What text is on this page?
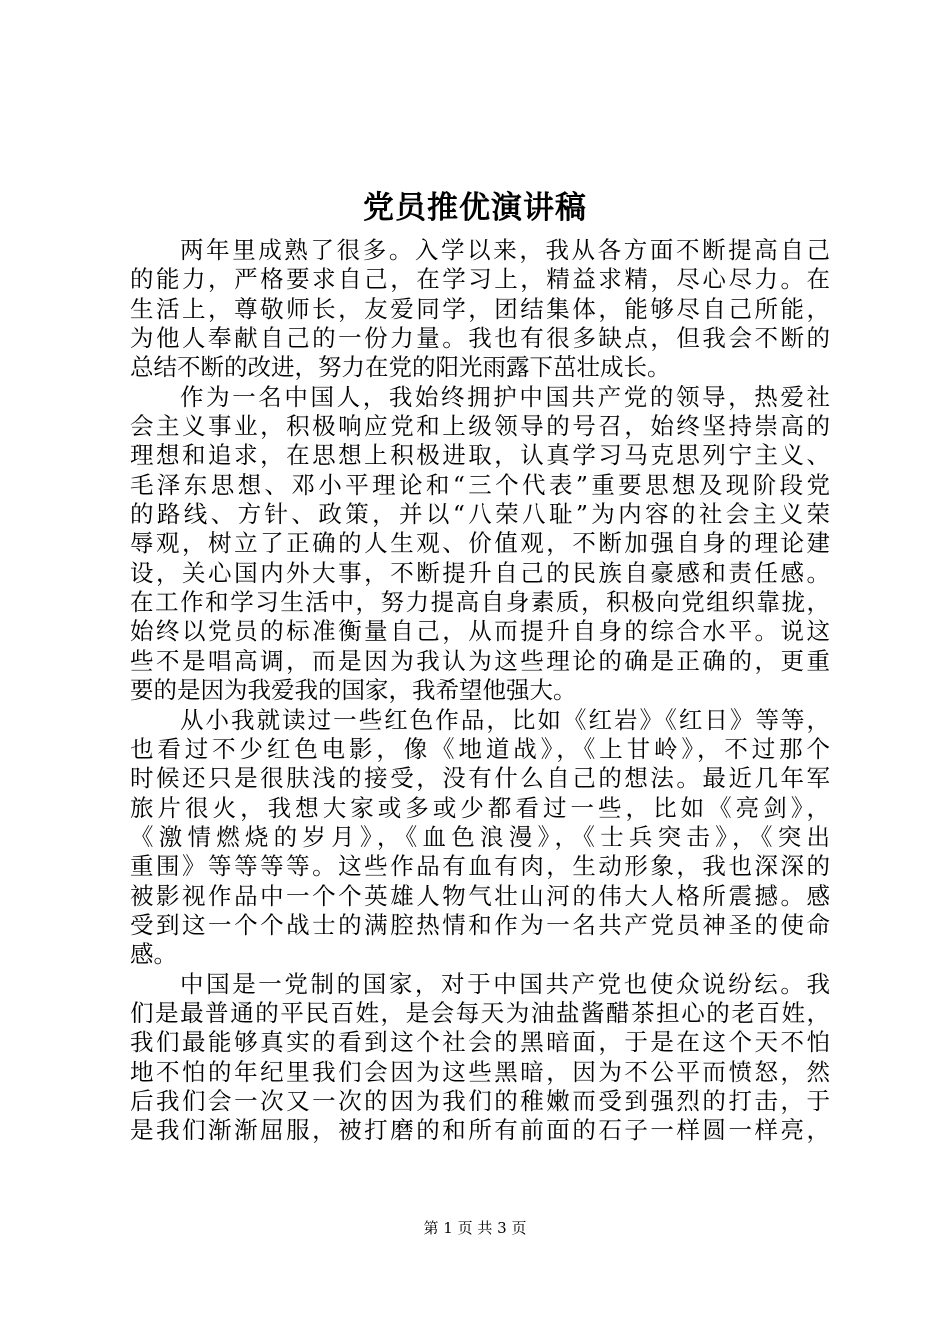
党员推优演讲稿
两年里成熟了很多。入学以来，我从各方面不断提高自己
的能力，严格要求自己，在学习上，精益求精，尽心尽力。在
生活上，尊敬师长，友爱同学，团结集体，能够尽自己所能，
为他人奉献自己的一份力量。我也有很多缺点，但我会不断的
总结不断的改进，努力在党的阳光雨露下茁壮成长。
作为一名中国人，我始终拥护中国共产党的领导，热爱社
会主义事业，积极响应党和上级领导的号召，始终坚持崇高的
理想和追求，在思想上积极进取，认真学习马克思列宁主义、
毛泽东思想、邓小平理论和“三个代表”重要思想及现阶段党
的路线、方针、政策，并以“八荣八耻”为内容的社会主义荣
辱观，树立了正确的人生观、价值观，不断加强自身的理论建
设，关心国内外大事，不断提升自己的民族自豪感和责任感。
在工作和学习生活中，努力提高自身素质，积极向党组织靠拢，
始终以党员的标准衡量自己，从而提升自身的综合水平。说这
些不是唱高调，而是因为我认为这些理论的确是正确的，更重
要的是因为我爱我的国家，我希望他强大。
从小我就读过一些红色作品，比如《红岩》《红日》等等，
也看过不少红色电影，像《地道战》，《上甘岭》，不过那个
时候还只是很肤浅的接受，没有什么自己的想法。最近几年军
旅片很火，我想大家或多或少都看过一些，比如《亮剑》，
《激情燃烧的岁月》，《血色浪漫》，《士兵突击》，《突出
重围》等等等等。这些作品有血有肉，生动形象，我也深深的
被影视作品中一个个英雄人物气壮山河的伟大人格所震撼。感
受到这一个个战士的满腔热情和作为一名共产党员神圣的使命
感。
中国是一党制的国家，对于中国共产党也使众说纷纭。我
们是最普通的平民百姓，是会每天为油盐酱醋茶担心的老百姓，
我们最能够真实的看到这个社会的黑暗面，于是在这个天不怕
地不怕的年纪里我们会因为这些黑暗，因为不公平而愤怒，然
后我们会一次又一次的因为我们的稚嫩而受到强烈的打击，于
是我们渐渐屈服，被打磨的和所有前面的石子一样圆一样亮，
第 1 页 共 3 页
